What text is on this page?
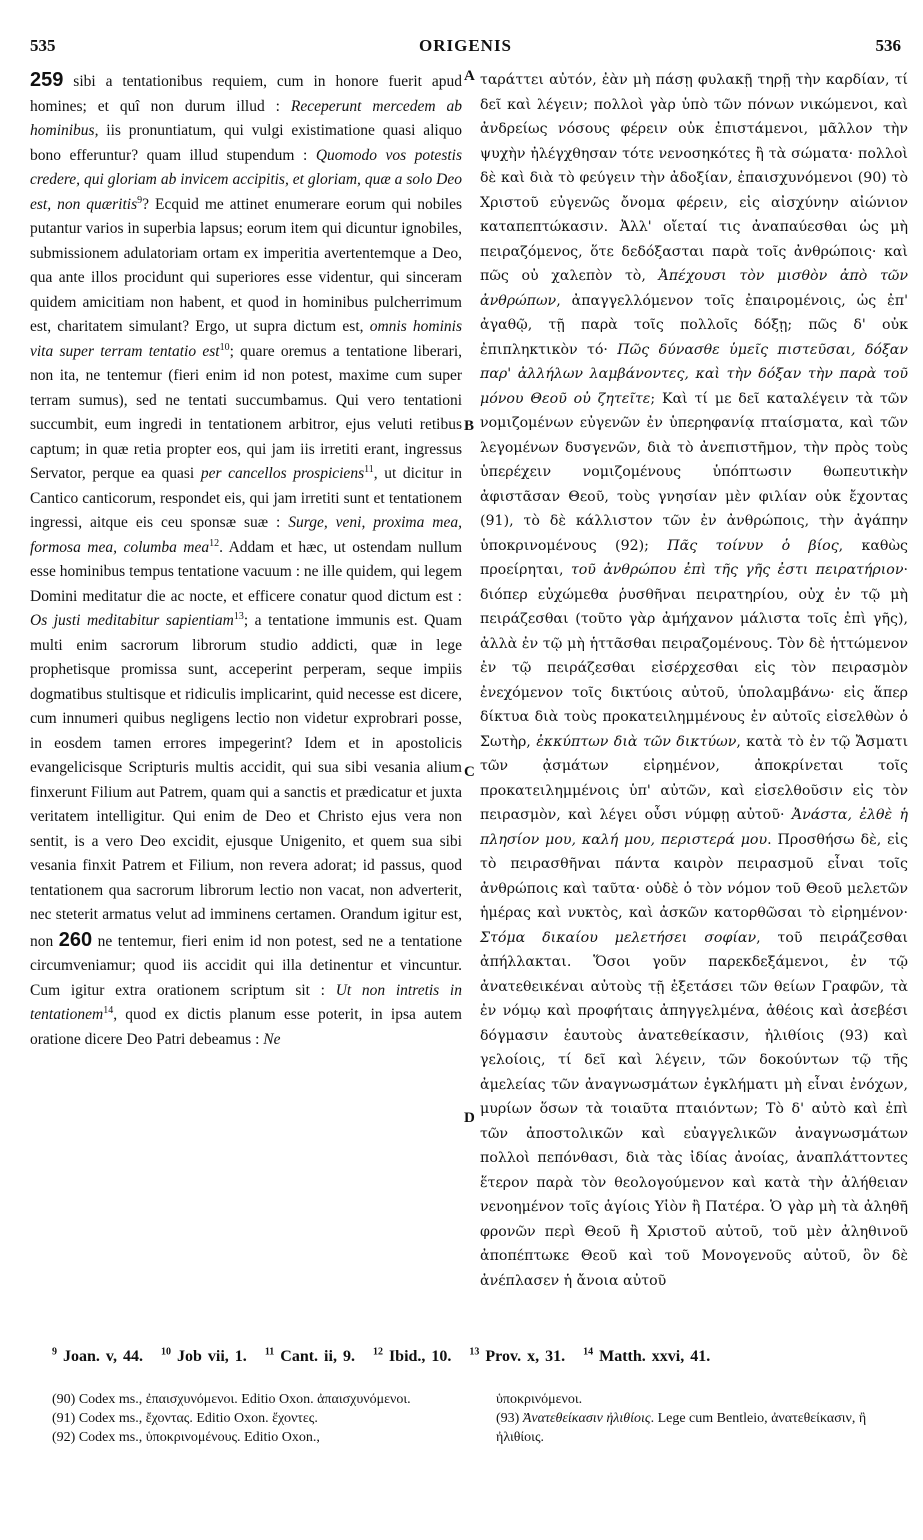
535	ORIGENIS	536

259 sibi a tentationibus requiem, cum in honore fuerit apud homines; et quî non durum illud : Receperunt mercedem ab hominibus, iis pronuntiatum, qui vulgi existimatione quasi aliquo bono efferuntur? quam illud stupendum : Quomodo vos potestis credere, qui gloriam ab invicem accipitis, et gloriam, quæ a solo Deo est, non quæritis$^9$? Ecquid me attinet enumerare eorum qui nobiles putantur varios in superbia lapsus; eorum item qui dicuntur ignobiles, submissionem adulatoriam ortam ex imperitia avertentemque a Deo, qua ante illos procidunt qui superiores esse videntur, qui sinceram quidem amicitiam non habent, et quod in hominibus pulcherrimum est, charitatem simulant? Ergo, ut supra dictum est, omnis hominis vita super terram tentatio est$^{10}$; quare oremus a tentatione liberari, non ita, ne tentemur (fieri enim id non potest, maxime cum super terram sumus), sed ne tentati succumbamus. Qui vero tentationi succumbit, eum ingredi in tentationem arbitror, ejus veluti retibus captum; in quæ retia propter eos, qui jam iis irretiti erant, ingressus Servator, perque ea quasi per cancellos prospiciens$^{11}$, ut dicitur in Cantico canticorum, respondet eis, qui jam irretiti sunt et tentationem ingressi, aitque eis ceu sponsæ suæ : Surge, veni, proxima mea, formosa mea, columba mea$^{12}$. Addam et hæc, ut ostendam nullum esse hominibus tempus tentatione vacuum : ne ille quidem, qui legem Domini meditatur die ac nocte, et efficere conatur quod dictum est : Os justi meditabitur sapientiam$^{13}$; a tentatione immunis est. Quam multi enim sacrorum librorum studio addicti, quæ in lege prophetisque promissa sunt, acceperint perperam, seque impiis dogmatibus stultisque et ridiculis implicarint, quid necesse est dicere, cum innumeri quibus negligens lectio non videtur exprobrari posse, in eosdem tamen errores impegerint? Idem et in apostolicis evangelicisque Scripturis multis accidit, qui sua sibi vesania alium finxerunt Filium aut Patrem, quam qui a sanctis et prædicatur et juxta veritatem intelligitur. Qui enim de Deo et Christo ejus vera non sentit, is a vero Deo excidit, ejusque Unigenito, et quem sua sibi vesania finxit Patrem et Filium, non revera adorat; id passus, quod tentationem qua sacrorum librorum lectio non vacat, non adverterit, nec steterit armatus velut ad imminens certamen. Orandum igitur est, non 260 ne tentemur, fieri enim id non potest, sed ne a tentatione circumveniamur; quod iis accidit qui illa detinentur et vincuntur. Cum igitur extra orationem scriptum sit : Ut non intretis in tentationem$^{14}$, quod ex dictis planum esse poterit, in ipsa autem oratione dicere Deo Patri debeamus : Ne

A
B
C
D

ταράττει αὐτόν, ἐὰν μὴ πάσῃ φυλακῇ τηρῇ τὴν καρδίαν, τί δεῖ καὶ λέγειν; πολλοὶ γὰρ ὑπὸ τῶν πόνων νικώμενοι, καὶ ἀνδρείως νόσους φέρειν οὐκ ἐπιστάμενοι, μᾶλλον τὴν ψυχὴν ἠλέγχθησαν τότε νενοσηκότες ἢ τὰ σώματα· πολλοὶ δὲ καὶ διὰ τὸ φεύγειν τὴν ἀδοξίαν, ἐπαισχυνόμενοι (90) τὸ Χριστοῦ εὐγενῶς ὄνομα φέρειν, εἰς αἰσχύνην αἰώνιον καταπεπτώκασιν. Ἀλλ' οἴεταί τις ἀναπαύεσθαι ὡς μὴ πειραζόμενος, ὅτε δεδόξασται παρὰ τοῖς ἀνθρώποις· καὶ πῶς οὐ χαλεπὸν τὸ, Ἀπέχουσι τὸν μισθὸν ἀπὸ τῶν ἀνθρώπων, ἀπαγγελλόμενον τοῖς ἐπαιρομένοις, ὡς ἐπ' ἀγαθῷ, τῇ παρὰ τοῖς πολλοῖς δόξῃ; πῶς δ' οὐκ ἐπιπληκτικὸν τό· Πῶς δύνασθε ὑμεῖς πιστεῦσαι, δόξαν παρ' ἀλλήλων λαμβάνοντες, καὶ τὴν δόξαν τὴν παρὰ τοῦ μόνου Θεοῦ οὐ ζητεῖτε; Καὶ τί με δεῖ καταλέγειν τὰ τῶν νομιζομένων εὐγενῶν ἐν ὑπερηφανίᾳ πταίσματα, καὶ τῶν λεγομένων δυσγενῶν, διὰ τὸ ἀνεπιστῆμον, τὴν πρὸς τοὺς ὑπερέχειν νομιζομένους ὑπόπτωσιν θωπευτικὴν ἀφιστᾶσαν Θεοῦ, τοὺς γνησίαν μὲν φιλίαν οὐκ ἔχοντας (91), τὸ δὲ κάλλιστον τῶν ἐν ἀνθρώποις, τὴν ἀγάπην ὑποκρινομένους (92); Πᾶς τοίνυν ὁ βίος, καθὼς προείρηται, τοῦ ἀνθρώπου ἐπὶ τῆς γῆς ἐστι πειρατήριον· διόπερ εὐχώμεθα ῥυσθῆναι πειρατηρίου, οὐχ ἐν τῷ μὴ πειράζεσθαι (τοῦτο γὰρ ἀμήχανον μάλιστα τοῖς ἐπὶ γῆς), ἀλλὰ ἐν τῷ μὴ ἡττᾶσθαι πειραζομένους. Τὸν δὲ ἡττώμενον ἐν τῷ πειράζεσθαι εἰσέρχεσθαι εἰς τὸν πειρασμὸν ἐνεχόμενον τοῖς δικτύοις αὐτοῦ, ὑπολαμβάνω· εἰς ἅπερ δίκτυα διὰ τοὺς προκατειλημμένους ἐν αὐτοῖς εἰσελθὼν ὁ Σωτὴρ, ἐκκύπτων διὰ τῶν δικτύων, κατὰ τὸ ἐν τῷ Ἄσματι τῶν ᾀσμάτων εἰρημένον, ἀποκρίνεται τοῖς προκατειλημμένοις ὑπ' αὐτῶν, καὶ εἰσελθοῦσιν εἰς τὸν πειρασμὸν, καὶ λέγει οὖσι νύμφῃ αὐτοῦ· Ἀνάστα, ἐλθὲ ἡ πλησίον μου, καλή μου, περιστερά μου. Προσθήσω δὲ, εἰς τὸ πειρασθῆναι πάντα καιρὸν πειρασμοῦ εἶναι τοῖς ἀνθρώποις καὶ ταῦτα· οὐδὲ ὁ τὸν νόμον τοῦ Θεοῦ μελετῶν ἡμέρας καὶ νυκτὸς, καὶ ἀσκῶν κατορθῶσαι τὸ εἰρημένον· Στόμα δικαίου μελετήσει σοφίαν, τοῦ πειράζεσθαι ἀπήλλακται. Ὅσοι γοῦν παρεκδεξάμενοι, ἐν τῷ ἀνατεθεικέναι αὐτοὺς τῇ ἐξετάσει τῶν θείων Γραφῶν, τὰ ἐν νόμῳ καὶ προφήταις ἀπηγγελμένα, ἀθέοις καὶ ἀσεβέσι δόγμασιν ἑαυτοὺς ἀνατεθείκασιν, ἠλιθίοις (93) καὶ γελοίοις, τί δεῖ καὶ λέγειν, τῶν δοκούντων τῷ τῆς ἀμελείας τῶν ἀναγνωσμάτων ἐγκλήματι μὴ εἶναι ἐνόχων, μυρίων ὅσων τὰ τοιαῦτα πταιόντων; Τὸ δ' αὐτὸ καὶ ἐπὶ τῶν ἀποστολικῶν καὶ εὐαγγελικῶν ἀναγνωσμάτων πολλοὶ πεπόνθασι, διὰ τὰς ἰδίας ἀνοίας, ἀναπλάττοντες ἕτερον παρὰ τὸν θεολογούμενον καὶ κατὰ τὴν ἀλήθειαν νενοημένον τοῖς ἁγίοις Υἱὸν ἢ Πατέρα. Ὁ γὰρ μὴ τὰ ἀληθῆ φρονῶν περὶ Θεοῦ ἢ Χριστοῦ αὐτοῦ, τοῦ μὲν ἀληθινοῦ ἀποπέπτωκε Θεοῦ καὶ τοῦ Μονογενοῦς αὐτοῦ, ὃν δὲ ἀνέπλασεν ἡ ἄνοια αὐτοῦ

$^9$ Joan. v, 44. $^{10}$ Job vii, 1. $^{11}$ Cant. ii, 9. $^{12}$ Ibid., 10. $^{13}$ Prov. x, 31. $^{14}$ Matth. xxvi, 41.

(90) Codex ms., ἐπαισχυνόμενοι. Editio Oxon. ἀπαισχυνόμενοι.

(91) Codex ms., ἔχοντας. Editio Oxon. ἔχοντες.

(92) Codex ms., ὑποκρινομένους. Editio Oxon.,

ὑποκρινόμενοι.

(93) Ἀνατεθείκασιν ἠλιθίοις. Lege cum Bentleio, ἀνατεθείκασιν, ἢ ἠλιθίοις.
